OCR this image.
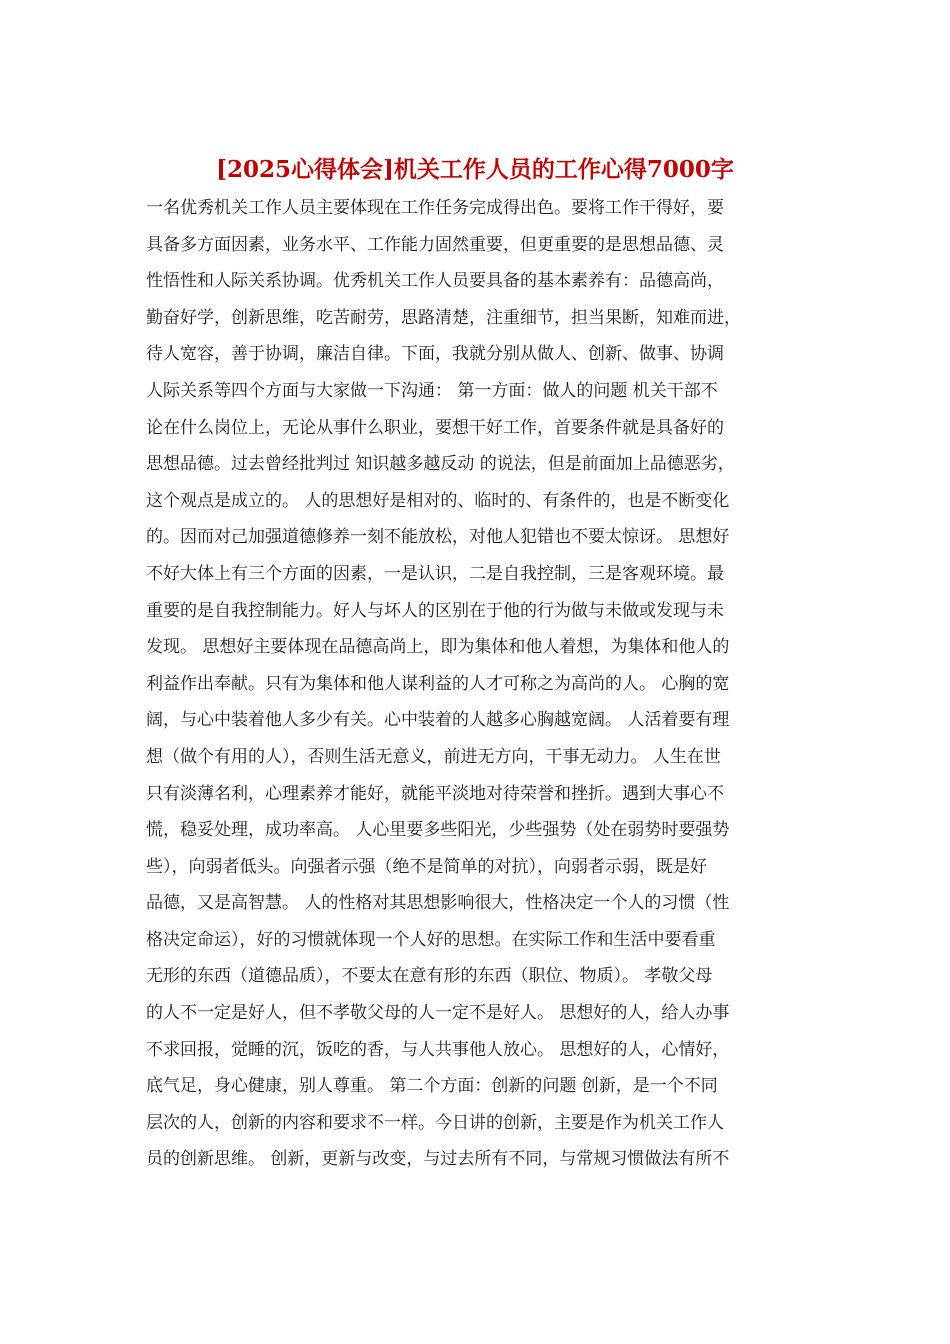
[2025心得体会]机关工作人员的工作心得7000字
一名优秀机关工作人员主要体现在工作任务完成得出色。要将工作干得好，要
具备多方面因素，业务水平、工作能力固然重要，但更重要的是思想品德、灵
性悟性和人际关系协调。优秀机关工作人员要具备的基本素养有：品德高尚，
勤奋好学，创新思维，吃苦耐劳，思路清楚，注重细节，担当果断，知难而进，
待人宽容，善于协调，廉洁自律。下面，我就分别从做人、创新、做事、协调
人际关系等四个方面与大家做一下沟通： 第一方面：做人的问题 机关干部不
论在什么岗位上，无论从事什么职业，要想干好工作，首要条件就是具备好的
思想品德。过去曾经批判过 知识越多越反动 的说法，但是前面加上品德恶劣，
这个观点是成立的。 人的思想好是相对的、临时的、有条件的，也是不断变化
的。因而对己加强道德修养一刻不能放松，对他人犯错也不要太惊讶。 思想好
不好大体上有三个方面的因素，一是认识，二是自我控制，三是客观环境。最
重要的是自我控制能力。好人与坏人的区别在于他的行为做与未做或发现与未
发现。 思想好主要体现在品德高尚上，即为集体和他人着想，为集体和他人的
利益作出奉献。只有为集体和他人谋利益的人才可称之为高尚的人。 心胸的宽
阔，与心中装着他人多少有关。心中装着的人越多心胸越宽阔。 人活着要有理
想（做个有用的人），否则生活无意义，前进无方向，干事无动力。 人生在世
只有淡薄名利，心理素养才能好，就能平淡地对待荣誉和挫折。遇到大事心不
慌，稳妥处理，成功率高。 人心里要多些阳光，少些强势（处在弱势时要强势
些），向弱者低头。向强者示强（绝不是简单的对抗），向弱者示弱，既是好
品德，又是高智慧。 人的性格对其思想影响很大，性格决定一个人的习惯（性
格决定命运），好的习惯就体现一个人好的思想。在实际工作和生活中要看重
无形的东西（道德品质），不要太在意有形的东西（职位、物质）。 孝敬父母
的人不一定是好人，但不孝敬父母的人一定不是好人。 思想好的人，给人办事
不求回报，觉睡的沉，饭吃的香，与人共事他人放心。 思想好的人，心情好，
底气足，身心健康，别人尊重。 第二个方面：创新的问题 创新，是一个不同
层次的人，创新的内容和要求不一样。今日讲的创新，主要是作为机关工作人
员的创新思维。 创新，更新与改变，与过去所有不同，与常规习惯做法有所不
